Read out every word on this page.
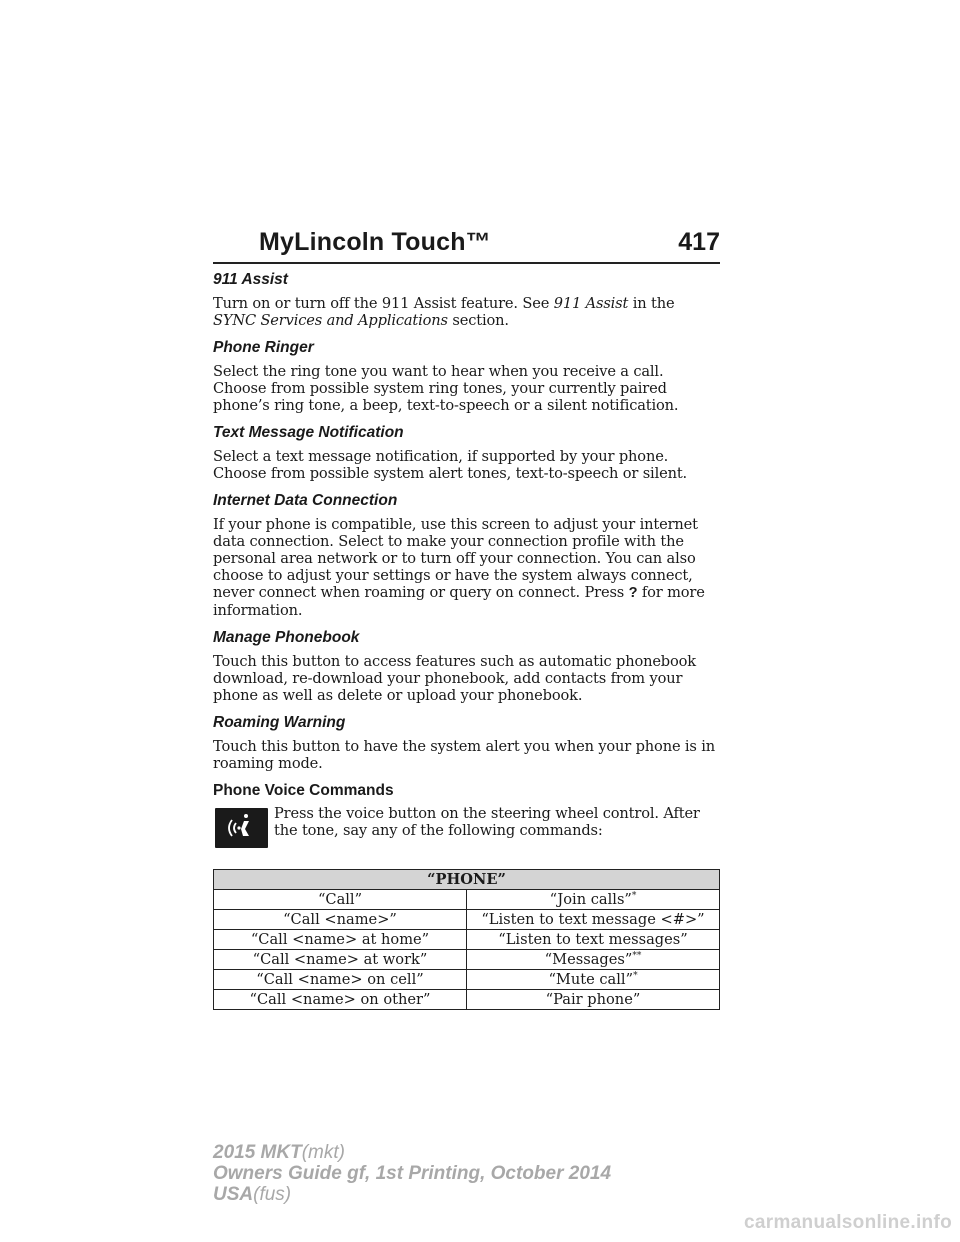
MyLincoln Touch™	417
911 Assist
Turn on or turn off the 911 Assist feature. See 911 Assist in the SYNC Services and Applications section.
Phone Ringer
Select the ring tone you want to hear when you receive a call. Choose from possible system ring tones, your currently paired phone’s ring tone, a beep, text-to-speech or a silent notification.
Text Message Notification
Select a text message notification, if supported by your phone. Choose from possible system alert tones, text-to-speech or silent.
Internet Data Connection
If your phone is compatible, use this screen to adjust your internet data connection. Select to make your connection profile with the personal area network or to turn off your connection. You can also choose to adjust your settings or have the system always connect, never connect when roaming or query on connect. Press ? for more information.
Manage Phonebook
Touch this button to access features such as automatic phonebook download, re-download your phonebook, add contacts from your phone as well as delete or upload your phonebook.
Roaming Warning
Touch this button to have the system alert you when your phone is in roaming mode.
Phone Voice Commands
Press the voice button on the steering wheel control. After the tone, say any of the following commands:
“PHONE”	
“Call”	“Join calls”*
“Call <name>”	“Listen to text message <#>”
“Call <name> at home”	“Listen to text messages”
“Call <name> at work”	“Messages”**
“Call <name> on cell”	“Mute call”*
“Call <name> on other”	“Pair phone”
2015 MKT(mkt)
Owners Guide gf, 1st Printing, October 2014
USA(fus)
carmanualsonline.info
